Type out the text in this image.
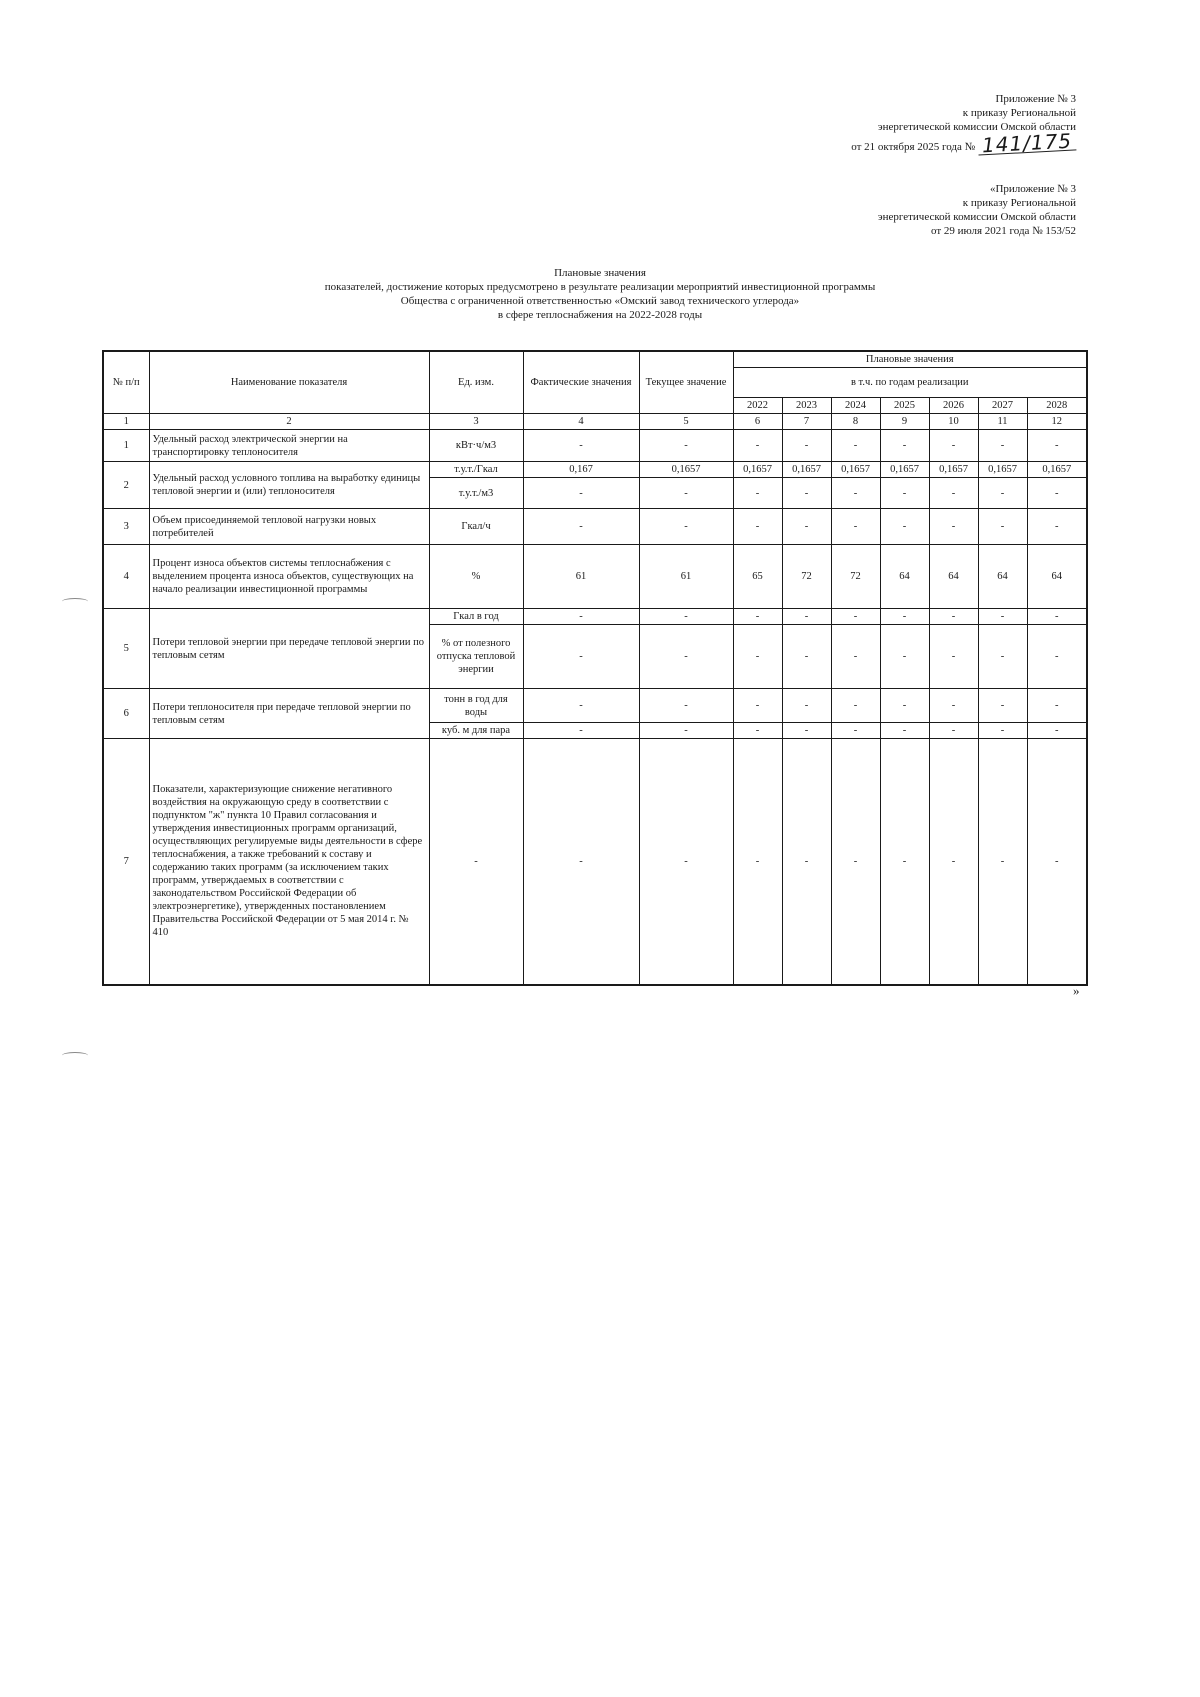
Приложение № 3
к приказу Региональной
энергетической комиссии Омской области
от 21 октября 2025 года № 141/175
«Приложение № 3
к приказу Региональной
энергетической комиссии Омской области
от 29 июля 2021 года № 153/52
Плановые значения
показателей, достижение которых предусмотрено в результате реализации мероприятий инвестиционной программы
Общества с ограниченной ответственностью «Омский завод технического углерода»
в сфере теплоснабжения на 2022-2028 годы
№ п/п	Наименование показателя	Ед. изм.	Фактические значения	Текущее значение	Плановые значения						
					в т.ч. по годам реализации						
					2022	2023	2024	2025	2026	2027	2028
1	2	3	4	5	6	7	8	9	10	11	12
1	Удельный расход электрической энергии на транспортировку теплоносителя	кВт·ч/м3	-	-	-	-	-	-	-	-	-
2	Удельный расход условного топлива на выработку единицы тепловой энергии и (или) теплоносителя	т.у.т./Гкал	0,167	0,1657	0,1657	0,1657	0,1657	0,1657	0,1657	0,1657	0,1657
		т.у.т./м3	-	-	-	-	-	-	-	-	-
3	Объем присоединяемой тепловой нагрузки новых потребителей	Гкал/ч	-	-	-	-	-	-	-	-	-
4	Процент износа объектов системы теплоснабжения с выделением процента износа объектов, существующих на начало реализации инвестиционной программы	%	61	61	65	72	72	64	64	64	64
5	Потери тепловой энергии при передаче тепловой энергии по тепловым сетям	Гкал в год	-	-	-	-	-	-	-	-	-
		% от полезного отпуска тепловой энергии	-	-	-	-	-	-	-	-	-
6	Потери теплоносителя при передаче тепловой энергии по тепловым сетям	тонн в год для воды	-	-	-	-	-	-	-	-	-
		куб. м для пара	-	-	-	-	-	-	-	-	-
7	Показатели, характеризующие снижение негативного воздействия на окружающую среду в соответствии с подпунктом "ж" пункта 10 Правил согласования и утверждения инвестиционных программ организаций, осуществляющих регулируемые виды деятельности в сфере теплоснабжения, а также требований к составу и содержанию таких программ (за исключением таких программ, утверждаемых в соответствии с законодательством Российской Федерации об электроэнергетике), утвержденных постановлением Правительства Российской Федерации от 5 мая 2014 г. № 410	-	-	-	-	-	-	-	-	-	-
»
